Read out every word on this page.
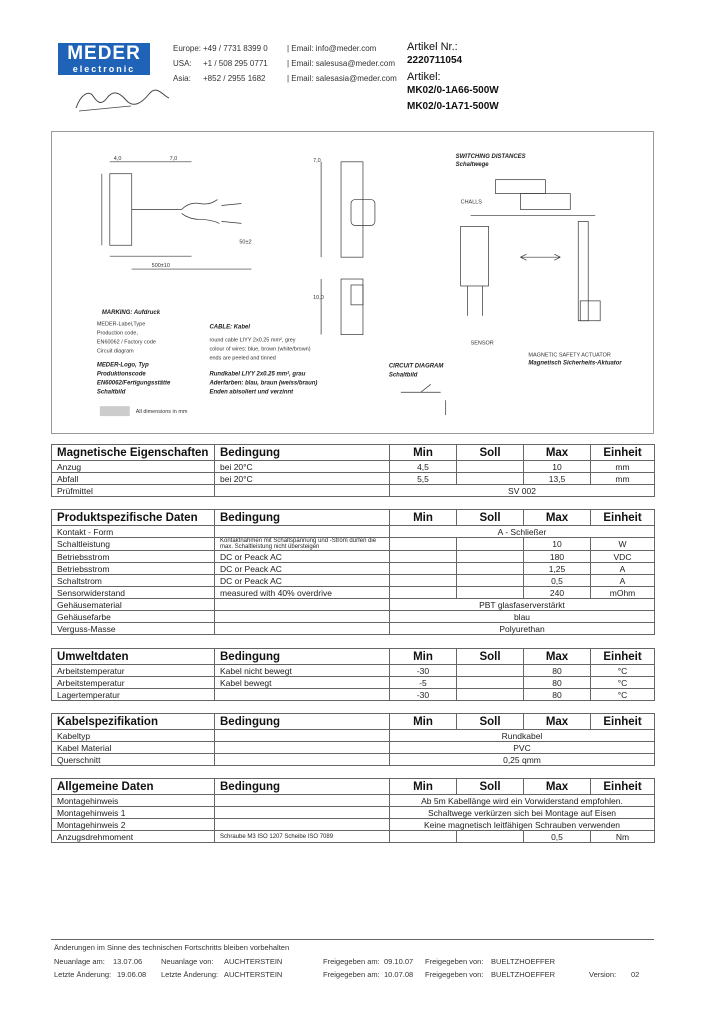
MEDER
electronic
Europe: +49 / 7731 8399 0 | Email: info@meder.com
USA: +1 / 508 295 0771 | Email: salesusa@meder.com
Asia: +852 / 2955 1682	| Email: salesasia@meder.com
Artikel Nr.:
2220711054
Artikel:
MK02/0-1A66-500W
MK02/0-1A71-500W
4,0	7,0
500±10
50±2
7,0
10,0
SWITCHING DISTANCES
Schaltwege
CHALLS
SENSOR
MAGNETIC SAFETY ACTUATOR
Magnetisch Sicherheits-Aktuator
MARKING: Aufdruck
MEDER-Label,Type
Production code,
EN60062 / Factory code
Circuit diagram
MEDER-Logo, Typ
Produktionscode
EN60062/Fertigungsstätte
Schaltbild
CABLE: Kabel
round cable LIYY 2x0.25 mm², grey
colour of wires: blue, brown (white/brown)
ends are peeled and tinned
Rundkabel LIYY 2x0.25 mm², grau
Aderfarben: blau, braun (weiss/braun)
Enden abisoliert und verzinnt
CIRCUIT DIAGRAM
Schaltbild
All dimensions in mm
Magnetische Eigenschaften	Bedingung	Min	Soll	Max	Einheit
Anzug	bei 20°C	4,5		10	mm
Abfall	bei 20°C	5,5		13,5	mm
Prüfmittel		SV 002			
Produktspezifische Daten	Bedingung	Min	Soll	Max	Einheit
Kontakt - Form		A - Schließer			
Schaltleistung	Kontaktnahmen mit Schaltspannung und -Strom dürfen die max. Schaltleistung nicht übersteigen			10	W
Betriebsstrom	DC or Peack AC			180	VDC
Betriebsstrom	DC or Peack AC			1,25	A
Schaltstrom	DC or Peack AC			0,5	A
Sensorwiderstand	measured with 40% overdrive			240	mOhm
Gehäusematerial		PBT glasfaserverstärkt			
Gehäusefarbe		blau			
Verguss-Masse		Polyurethan			
Umweltdaten	Bedingung	Min	Soll	Max	Einheit
Arbeitstemperatur	Kabel nicht bewegt	-30		80	°C
Arbeitstemperatur	Kabel bewegt	-5		80	°C
Lagertemperatur		-30		80	°C
Kabelspezifikation	Bedingung	Min	Soll	Max	Einheit
Kabeltyp		Rundkabel			
Kabel Material		PVC			
Querschnitt		0,25 qmm			
Allgemeine Daten	Bedingung	Min	Soll	Max	Einheit
Montagehinweis		Ab 5m Kabellänge wird ein Vorwiderstand empfohlen.			
Montagehinweis 1		Schaltwege verkürzen sich bei Montage auf Eisen			
Montagehinweis 2		Keine magnetisch leitfähigen Schrauben verwenden			
Anzugsdrehmoment	Schraube M3 ISO 1207 Scheibe ISO 7089			0,5	Nm
Änderungen im Sinne des technischen Fortschritts bleiben vorbehalten
Neuanlage am: 13.07.06	Neuanlage von: AUCHTERSTEIN	Freigegeben am: 09.10.07 Freigegeben von: BUELTZHOEFFER
Letzte Änderung: 19.06.08 Letzte Änderung: AUCHTERSTEIN	Freigegeben am: 10.07.08 Freigegeben von: BUELTZHOEFFER	Version: 02
